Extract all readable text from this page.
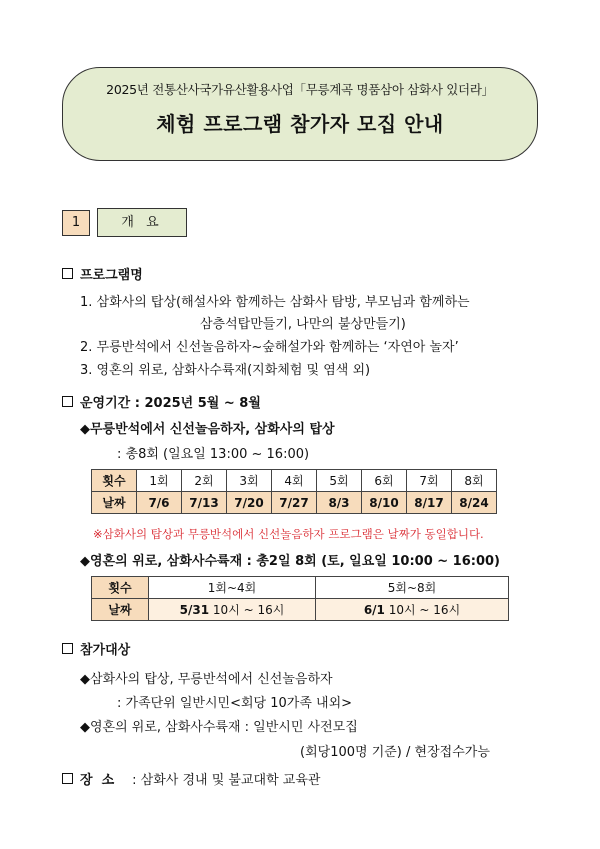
2025년 전통산사국가유산활용사업「무릉계곡 명품삼아 삼화사 있더라」
체험 프로그램 참가자 모집 안내
1	개 요
프로그램명
1. 삼화사의 탑상(해설사와 함께하는 삼화사 탐방, 부모님과 함께하는
삼층석탑만들기, 나만의 불상만들기)
2. 무릉반석에서 신선놀음하자~숲해설가와 함께하는 ‘자연아 놀자’
3. 영혼의 위로, 삼화사수륙재(지화체험 및 염색 외)
운영기간 : 2025년 5월 ~ 8월
◆무릉반석에서 신선놀음하자, 삼화사의 탑상
: 총8회 (일요일 13:00 ~ 16:00)
횟수	1회	2회	3회	4회	5회	6회	7회	8회
날짜	7/6	7/13	7/20	7/27	8/3	8/10	8/17	8/24
※삼화사의 탑상과 무릉반석에서 신선놀음하자 프로그램은 날짜가 동일합니다.
◆영혼의 위로, 삼화사수륙재 : 총2일 8회 (토, 일요일 10:00 ~ 16:00)
횟수	1회~4회	5회~8회
날짜	5/31 10시 ~ 16시	6/1 10시 ~ 16시
참가대상
◆삼화사의 탑상, 무릉반석에서 신선놀음하자
: 가족단위 일반시민<회당 10가족 내외>
◆영혼의 위로, 삼화사수륙재 : 일반시민 사전모집
(회당100명 기준) / 현장접수가능
장  소 : 삼화사 경내 및 불교대학 교육관
